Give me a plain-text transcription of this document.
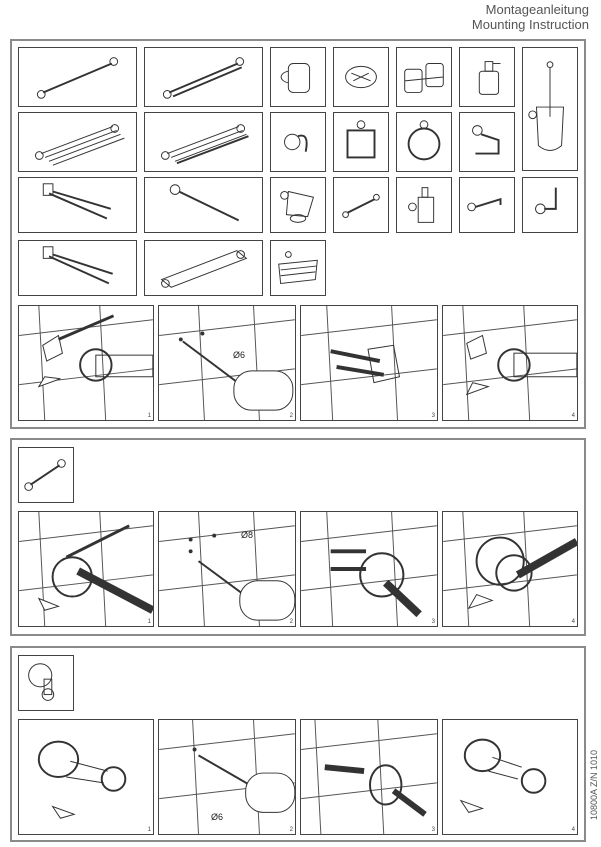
Montageanleitung
Mounting Instruction
1
Ø6
2	3	4
1
Ø8
2	3	4
1
Ø6
2	3	4
10800A Z/N 1010
